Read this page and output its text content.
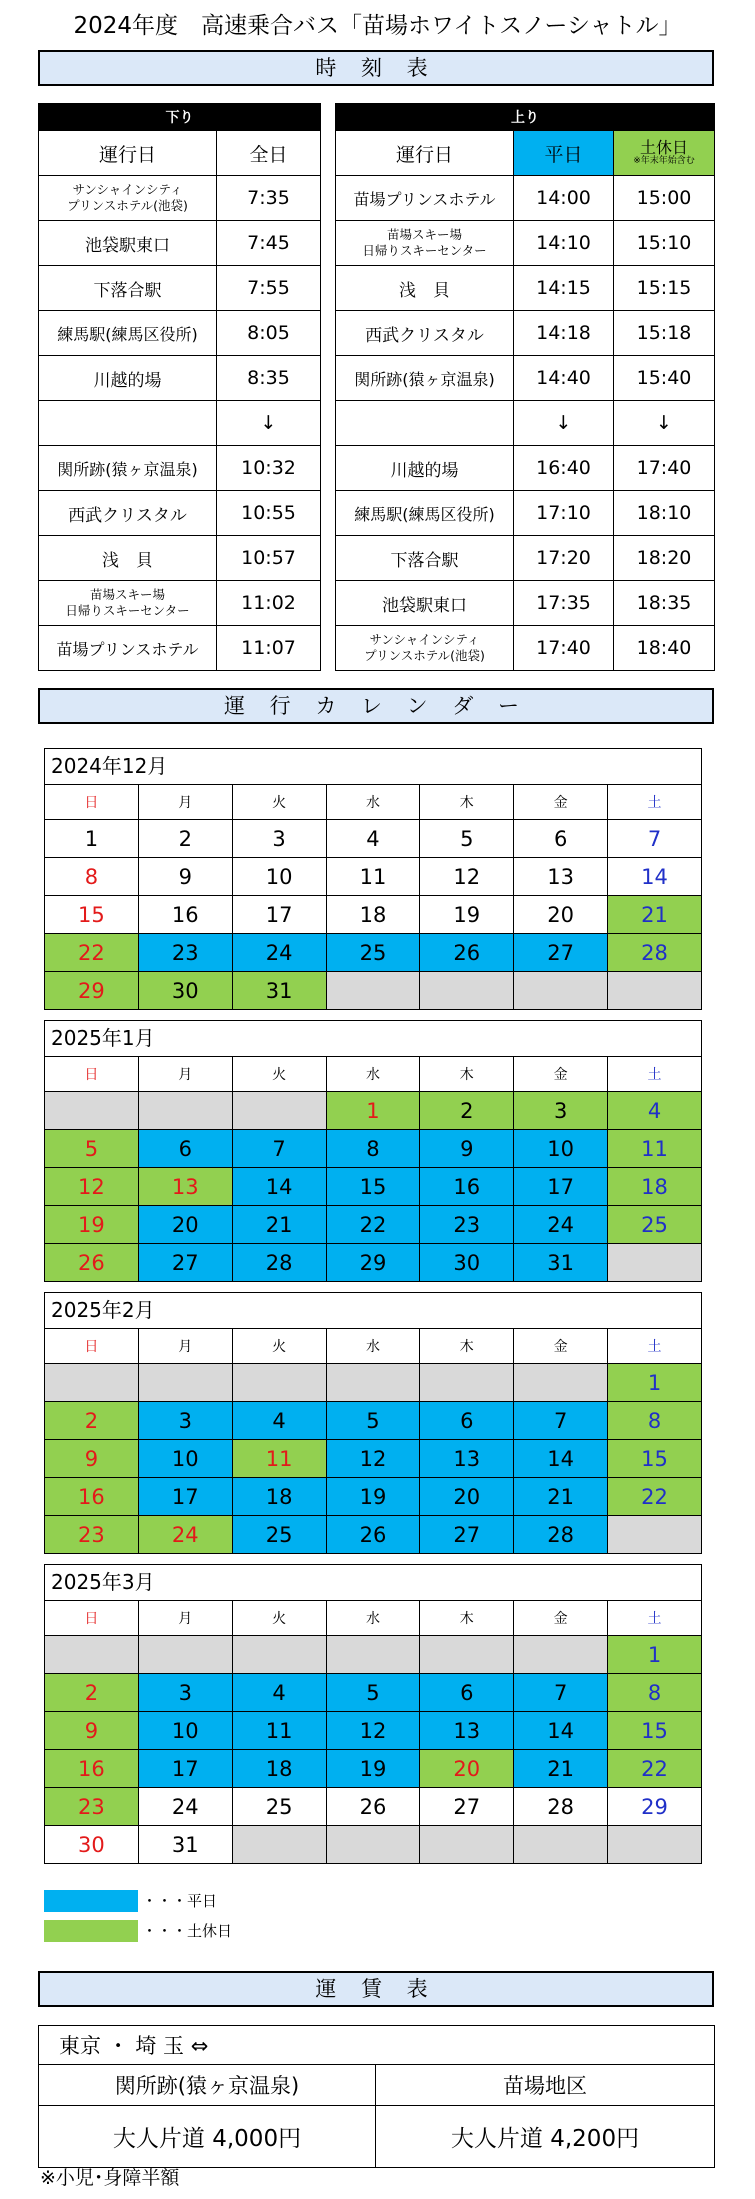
2024年度　高速乗合バス「苗場ホワイトスノーシャトル」
時 刻 表
下り	
運行日	全日
サンシャインシティ
プリンスホテル(池袋)	7:35
池袋駅東口	7:45
下落合駅	7:55
練馬駅(練馬区役所)	8:05
川越的場	8:35
	↓
関所跡(猿ヶ京温泉)	10:32
西武クリスタル	10:55
浅　貝	10:57
苗場スキー場
日帰りスキーセンター	11:02
苗場プリンスホテル	11:07
上り		
運行日	平日	土休日
※年末年始含む

苗場プリンスホテル	14:00	15:00
苗場スキー場
日帰りスキーセンター	14:10	15:10
浅　貝	14:15	15:15
西武クリスタル	14:18	15:18
関所跡(猿ヶ京温泉)	14:40	15:40
	↓	↓
川越的場	16:40	17:40
練馬駅(練馬区役所)	17:10	18:10
下落合駅	17:20	18:20
池袋駅東口	17:35	18:35
サンシャインシティ
プリンスホテル(池袋)	17:40	18:40
運 行 カ レ ン ダ ー
2024年12月
日	月	火	水	木	金	土
1	2	3	4	5	6	7
8	9	10	11	12	13	14
15	16	17	18	19	20	21
22	23	24	25	26	27	28
29	30	31				
2025年1月
日	月	火	水	木	金	土
			1	2	3	4
5	6	7	8	9	10	11
12	13	14	15	16	17	18
19	20	21	22	23	24	25
26	27	28	29	30	31	
2025年2月
日	月	火	水	木	金	土
						1
2	3	4	5	6	7	8
9	10	11	12	13	14	15
16	17	18	19	20	21	22
23	24	25	26	27	28	
2025年3月
日	月	火	水	木	金	土
						1
2	3	4	5	6	7	8
9	10	11	12	13	14	15
16	17	18	19	20	21	22
23	24	25	26	27	28	29
30	31					
・・・平日
・・・土休日
運 賃 表
東京 ・ 埼 玉 ⇔	
関所跡(猿ヶ京温泉)	苗場地区
大人片道 4,000円	大人片道 4,200円
※小児･身障半額
